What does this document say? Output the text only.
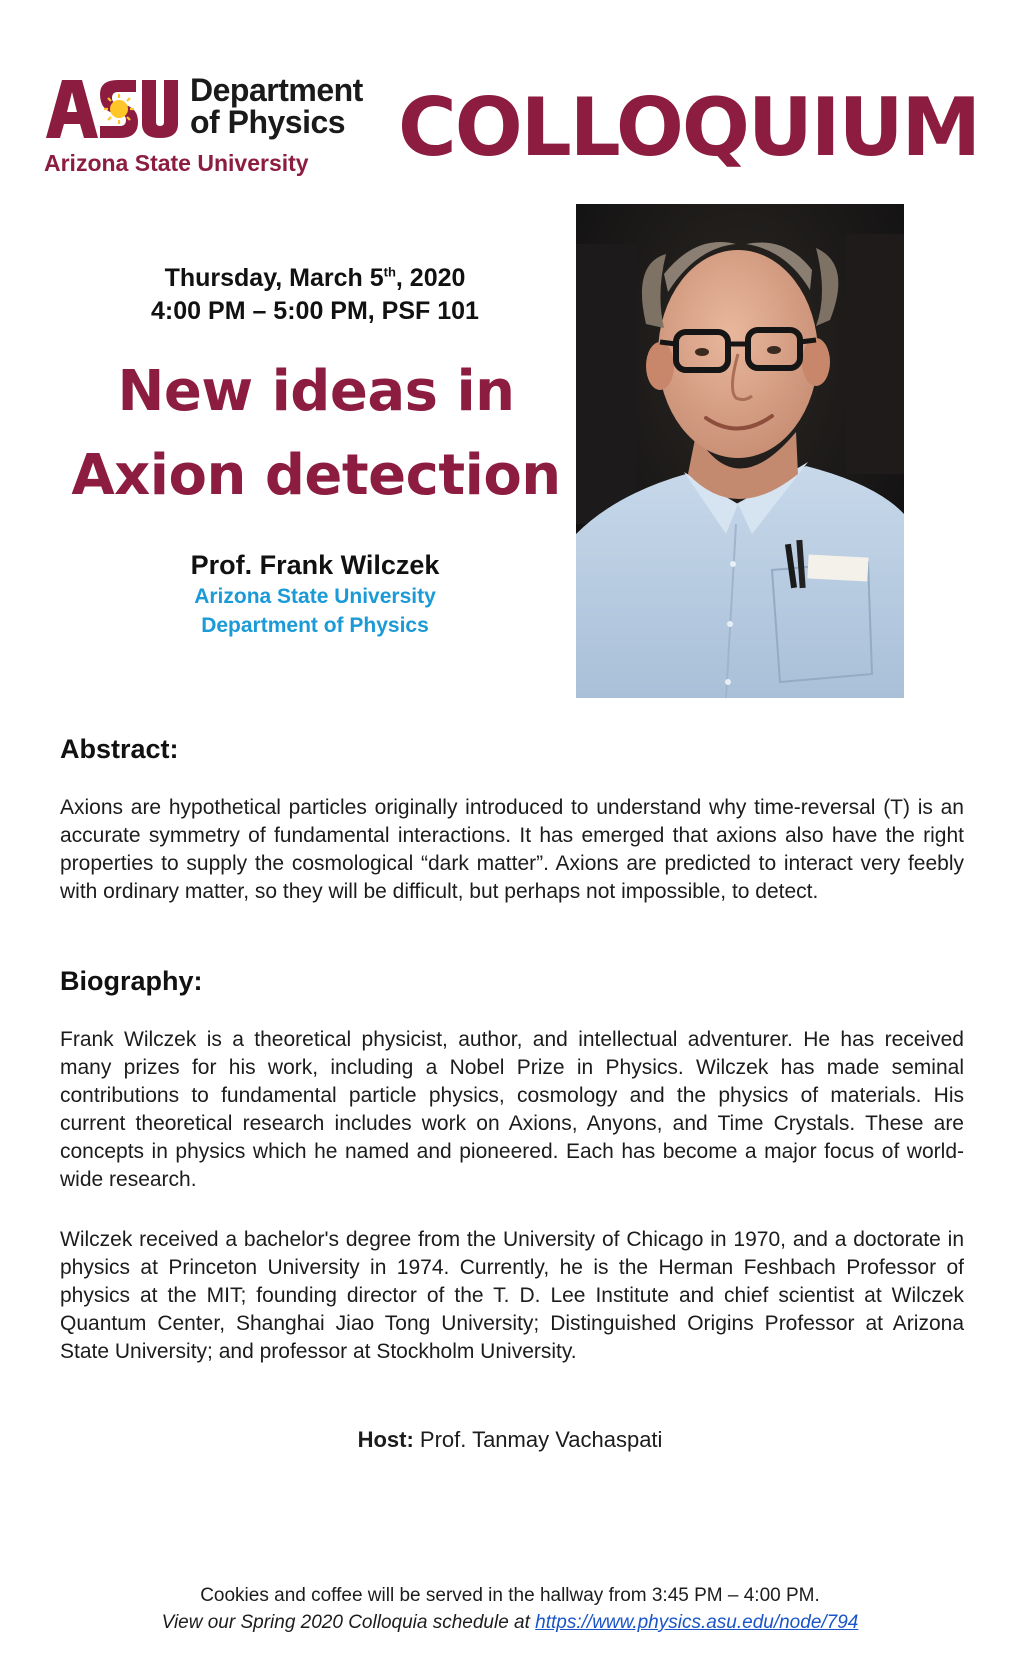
Department
of Physics
Arizona State University COLLOQUIUM
Thursday, March 5th, 2020
4:00 PM – 5:00 PM, PSF 101
New ideas in
Axion detection
Prof. Frank Wilczek
Arizona State University
Department of Physics
Abstract:

Axions are hypothetical particles originally introduced to understand why time-reversal (T) is an accurate symmetry of fundamental interactions. It has emerged that axions also have the right properties to supply the cosmological “dark matter”. Axions are predicted to interact very feebly with ordinary matter, so they will be difficult, but perhaps not impossible, to detect.

Biography:

Frank Wilczek is a theoretical physicist, author, and intellectual adventurer. He has received many prizes for his work, including a Nobel Prize in Physics. Wilczek has made seminal contributions to fundamental particle physics, cosmology and the physics of materials. His current theoretical research includes work on Axions, Anyons, and Time Crystals. These are concepts in physics which he named and pioneered. Each has become a major focus of world-wide research.

Wilczek received a bachelor's degree from the University of Chicago in 1970, and a doctorate in physics at Princeton University in 1974. Currently, he is the Herman Feshbach Professor of physics at the MIT; founding director of the T. D. Lee Institute and chief scientist at Wilczek Quantum Center, Shanghai Jiao Tong University; Distinguished Origins Professor at Arizona State University; and professor at Stockholm University.

Host: Prof. Tanmay Vachaspati
Cookies and coffee will be served in the hallway from 3:45 PM – 4:00 PM.
View our Spring 2020 Colloquia schedule at https://www.physics.asu.edu/node/794
